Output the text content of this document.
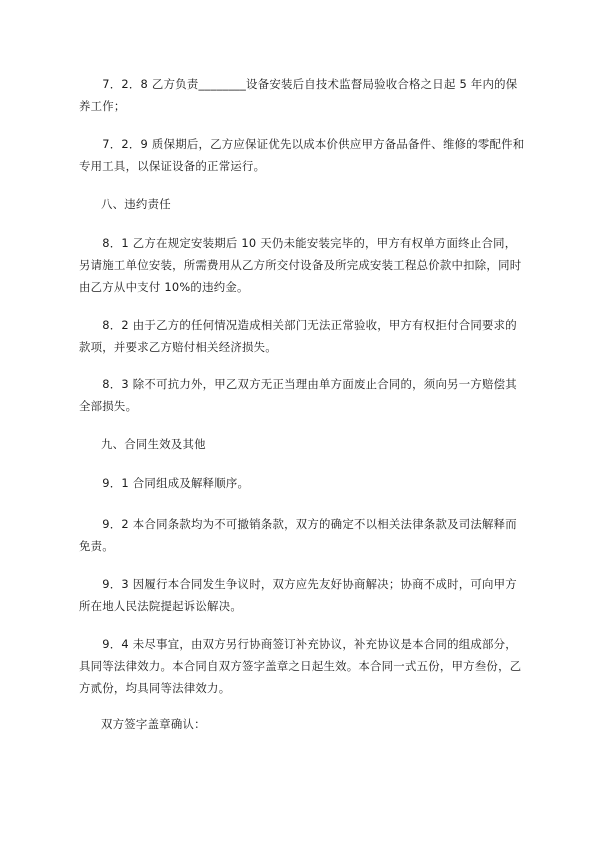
　　7．2．8 乙方负责________设备安装后自技术监督局验收合格之日起 5 年内的保养工作；

　　7．2．9 质保期后，乙方应保证优先以成本价供应甲方备品备件、维修的零配件和专用工具，以保证设备的正常运行。

八、违约责任

　　8．1 乙方在规定安装期后 10 天仍未能安装完毕的，甲方有权单方面终止合同，另请施工单位安装，所需费用从乙方所交付设备及所完成安装工程总价款中扣除，同时由乙方从中支付 10%的违约金。

　　8．2 由于乙方的任何情况造成相关部门无法正常验收，甲方有权拒付合同要求的款项，并要求乙方赔付相关经济损失。

　　8．3 除不可抗力外，甲乙双方无正当理由单方面废止合同的，须向另一方赔偿其全部损失。

九、合同生效及其他

　　9．1 合同组成及解释顺序。

　　9．2 本合同条款均为不可撤销条款，双方的确定不以相关法律条款及司法解释而免责。

　　9．3 因履行本合同发生争议时，双方应先友好协商解决；协商不成时，可向甲方所在地人民法院提起诉讼解决。

　　9．4 未尽事宜，由双方另行协商签订补充协议，补充协议是本合同的组成部分，具同等法律效力。本合同自双方签字盖章之日起生效。本合同一式五份，甲方叁份，乙方贰份，均具同等法律效力。

双方签字盖章确认：
